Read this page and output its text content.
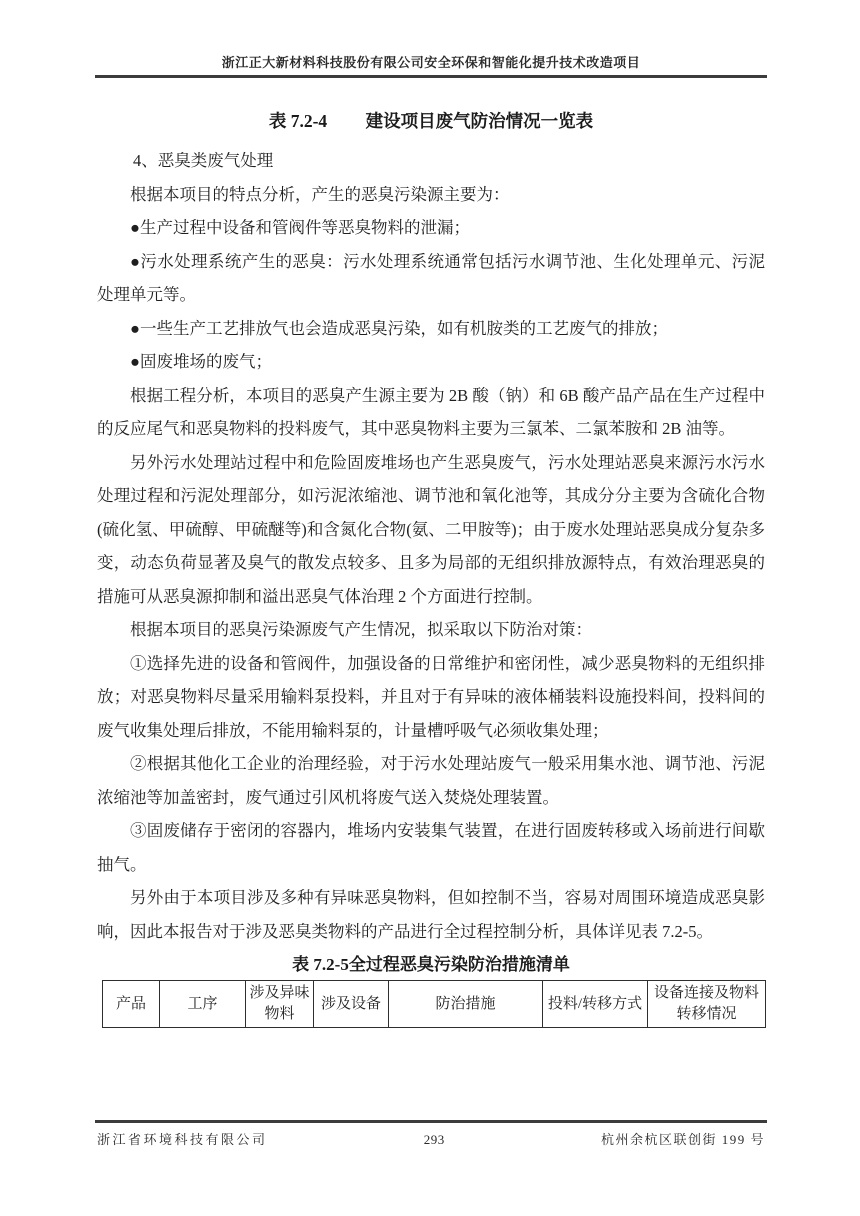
浙江正大新材料科技股份有限公司安全环保和智能化提升技术改造项目
表 7.2-4 建设项目废气防治情况一览表
4、恶臭类废气处理

根据本项目的特点分析，产生的恶臭污染源主要为：

●生产过程中设备和管阀件等恶臭物料的泄漏；

●污水处理系统产生的恶臭：污水处理系统通常包括污水调节池、生化处理单元、污泥处理单元等。

●一些生产工艺排放气也会造成恶臭污染，如有机胺类的工艺废气的排放；

●固废堆场的废气；

根据工程分析，本项目的恶臭产生源主要为 2B 酸（钠）和 6B 酸产品产品在生产过程中的反应尾气和恶臭物料的投料废气，其中恶臭物料主要为三氯苯、二氯苯胺和 2B 油等。

另外污水处理站过程中和危险固废堆场也产生恶臭废气，污水处理站恶臭来源污水污水处理过程和污泥处理部分，如污泥浓缩池、调节池和氧化池等，其成分分主要为含硫化合物(硫化氢、甲硫醇、甲硫醚等)和含氮化合物(氨、二甲胺等)；由于废水处理站恶臭成分复杂多变，动态负荷显著及臭气的散发点较多、且多为局部的无组织排放源特点，有效治理恶臭的措施可从恶臭源抑制和溢出恶臭气体治理 2 个方面进行控制。

根据本项目的恶臭污染源废气产生情况，拟采取以下防治对策：

①选择先进的设备和管阀件，加强设备的日常维护和密闭性，减少恶臭物料的无组织排放；对恶臭物料尽量采用输料泵投料，并且对于有异味的液体桶装料设施投料间，投料间的废气收集处理后排放，不能用输料泵的，计量槽呼吸气必须收集处理；

②根据其他化工企业的治理经验，对于污水处理站废气一般采用集水池、调节池、污泥浓缩池等加盖密封，废气通过引风机将废气送入焚烧处理装置。

③固废储存于密闭的容器内，堆场内安装集气装置，在进行固废转移或入场前进行间歇抽气。

另外由于本项目涉及多种有异味恶臭物料，但如控制不当，容易对周围环境造成恶臭影响，因此本报告对于涉及恶臭类物料的产品进行全过程控制分析，具体详见表 7.2-5。

表 7.2-5全过程恶臭污染防治措施清单
产品	工序	涉及异味物料	涉及设备	防治措施	投料/转移方式	设备连接及物料转移情况
浙江省环境科技有限公司	293	杭州余杭区联创街 199 号
